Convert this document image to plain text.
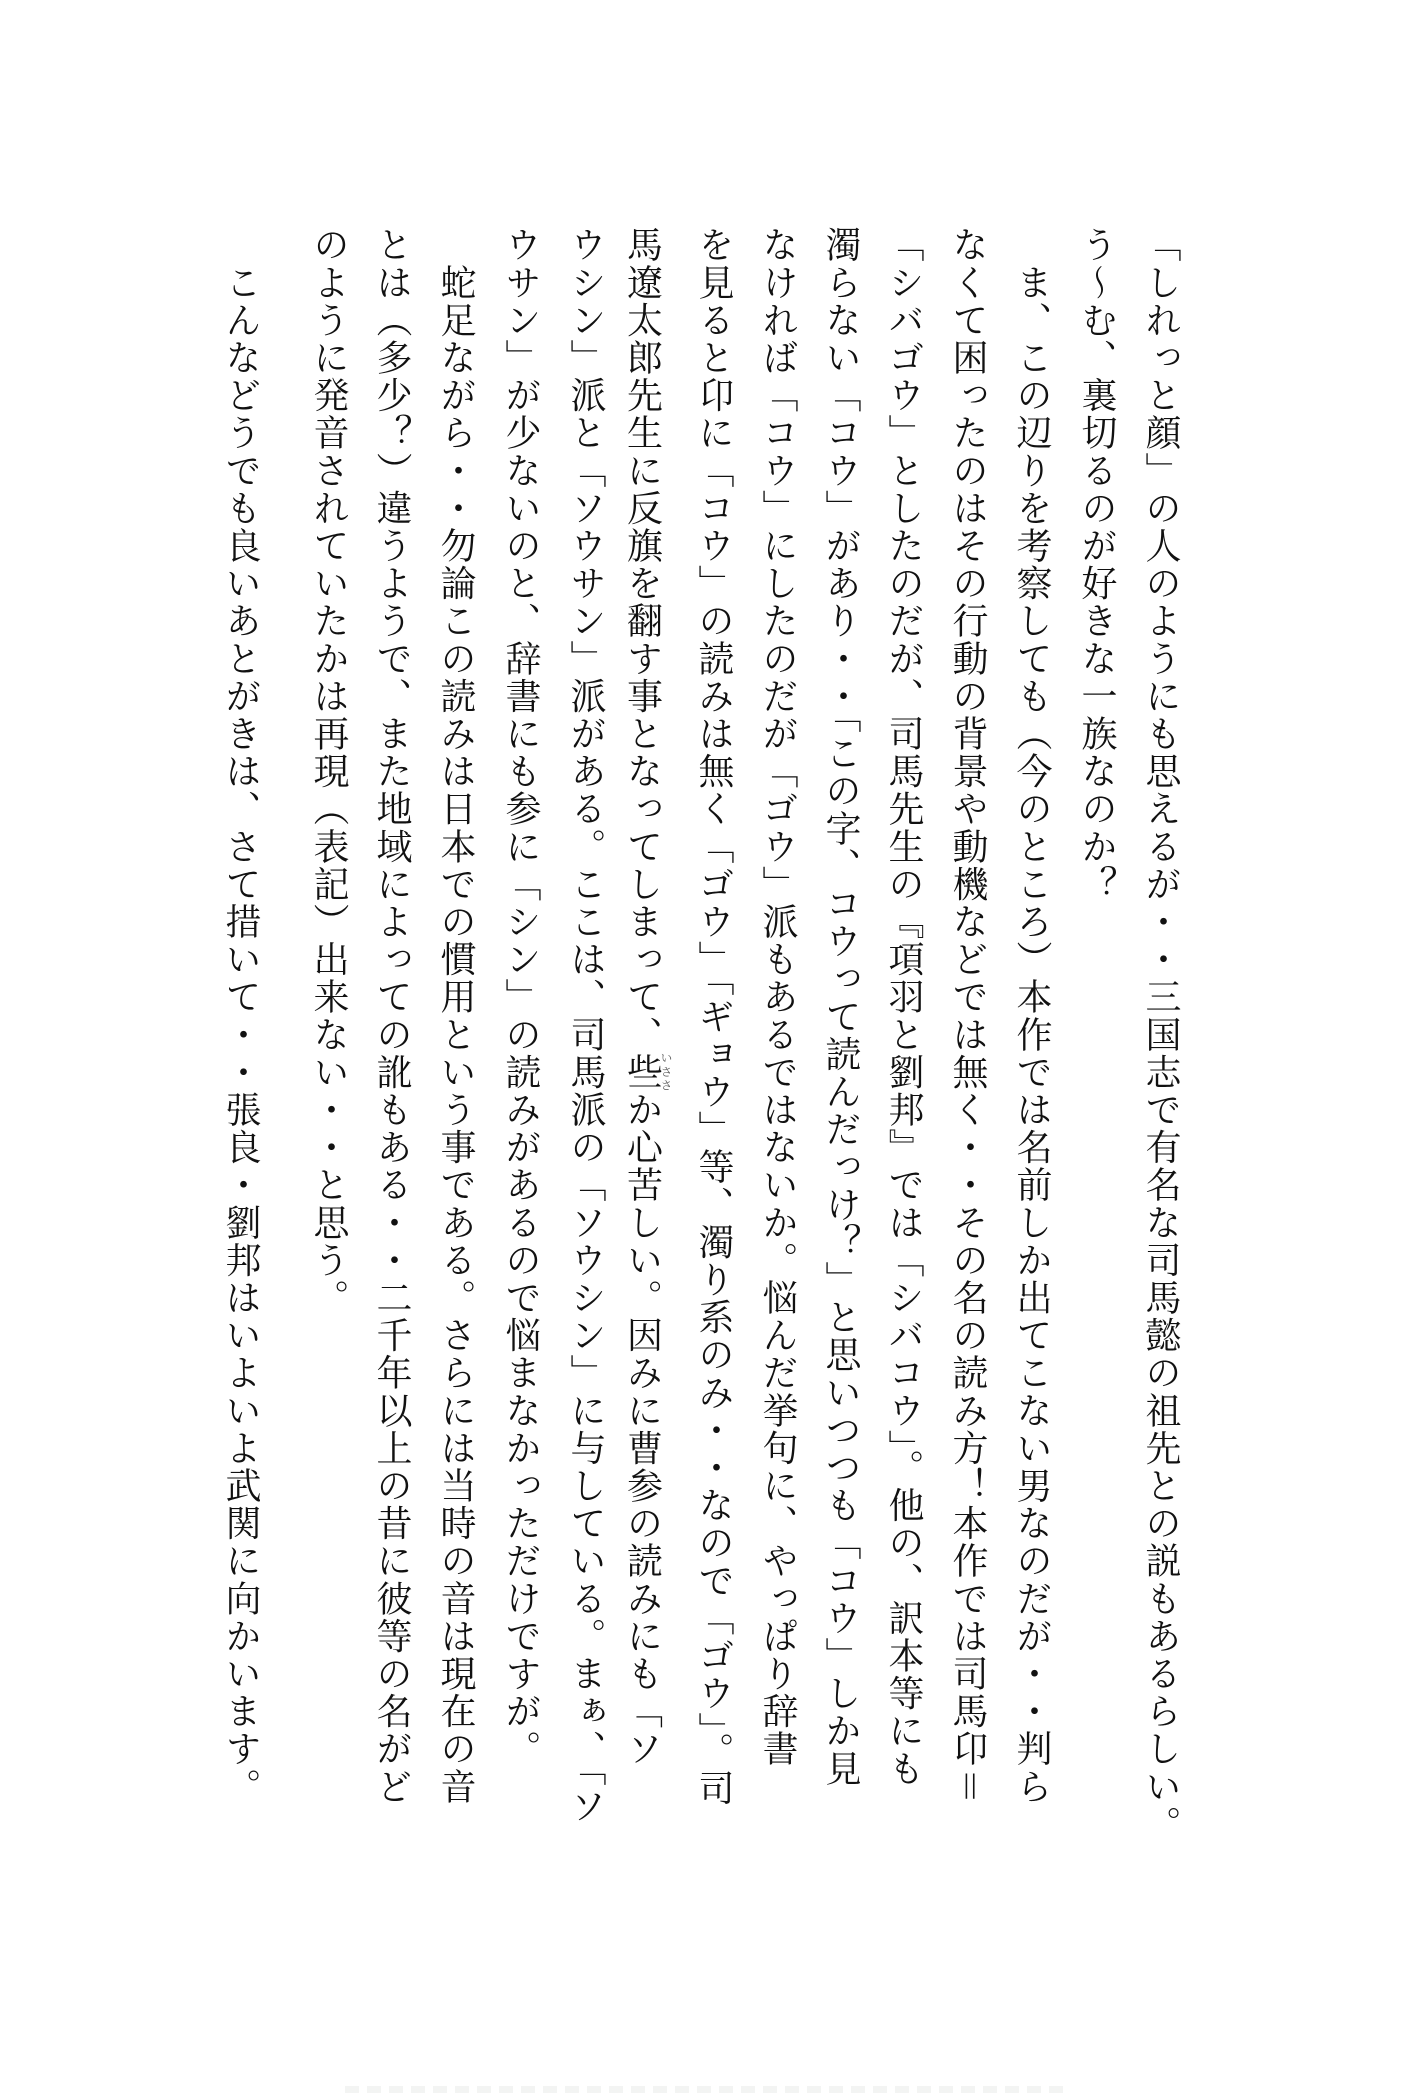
「しれっと顔」の人のようにも思えるが・・三国志で有名な司馬懿の祖先との説もあるらしい。
う〜む、裏切るのが好きな一族なのか？
　ま、この辺りを考察しても（今のところ）本作では名前しか出てこない男なのだが・・判ら
なくて困ったのはその行動の背景や動機などでは無く・・その名の読み方！本作では司馬卬＝
「シバゴウ」としたのだが、司馬先生の『項羽と劉邦』では「シバコウ」。他の、訳本等にも
濁らない「コウ」があり・・「この字、コウって読んだっけ？」と思いつつも「コウ」しか見
なければ「コウ」にしたのだが「ゴウ」派もあるではないか。悩んだ挙句に、やっぱり辞書
を見ると卬に「コウ」の読みは無く「ゴウ」「ギョウ」等、濁り系のみ・・なので「ゴウ」。司
馬遼太郎先生に反旗を翻す事となってしまって、些いささか心苦しい。因みに曹参の読みにも「ソ
ウシン」派と「ソウサン」派がある。ここは、司馬派の「ソウシン」に与している。まぁ、「ソ
ウサン」が少ないのと、辞書にも参に「シン」の読みがあるので悩まなかっただけですが。
　蛇足ながら・・勿論この読みは日本での慣用という事である。さらには当時の音は現在の音
とは（多少？）違うようで、また地域によっての訛もある・・二千年以上の昔に彼等の名がど
のように発音されていたかは再現（表記）出来ない・・と思う。
　こんなどうでも良いあとがきは、さて措いて・・張良・劉邦はいよいよ武関に向かいます。
